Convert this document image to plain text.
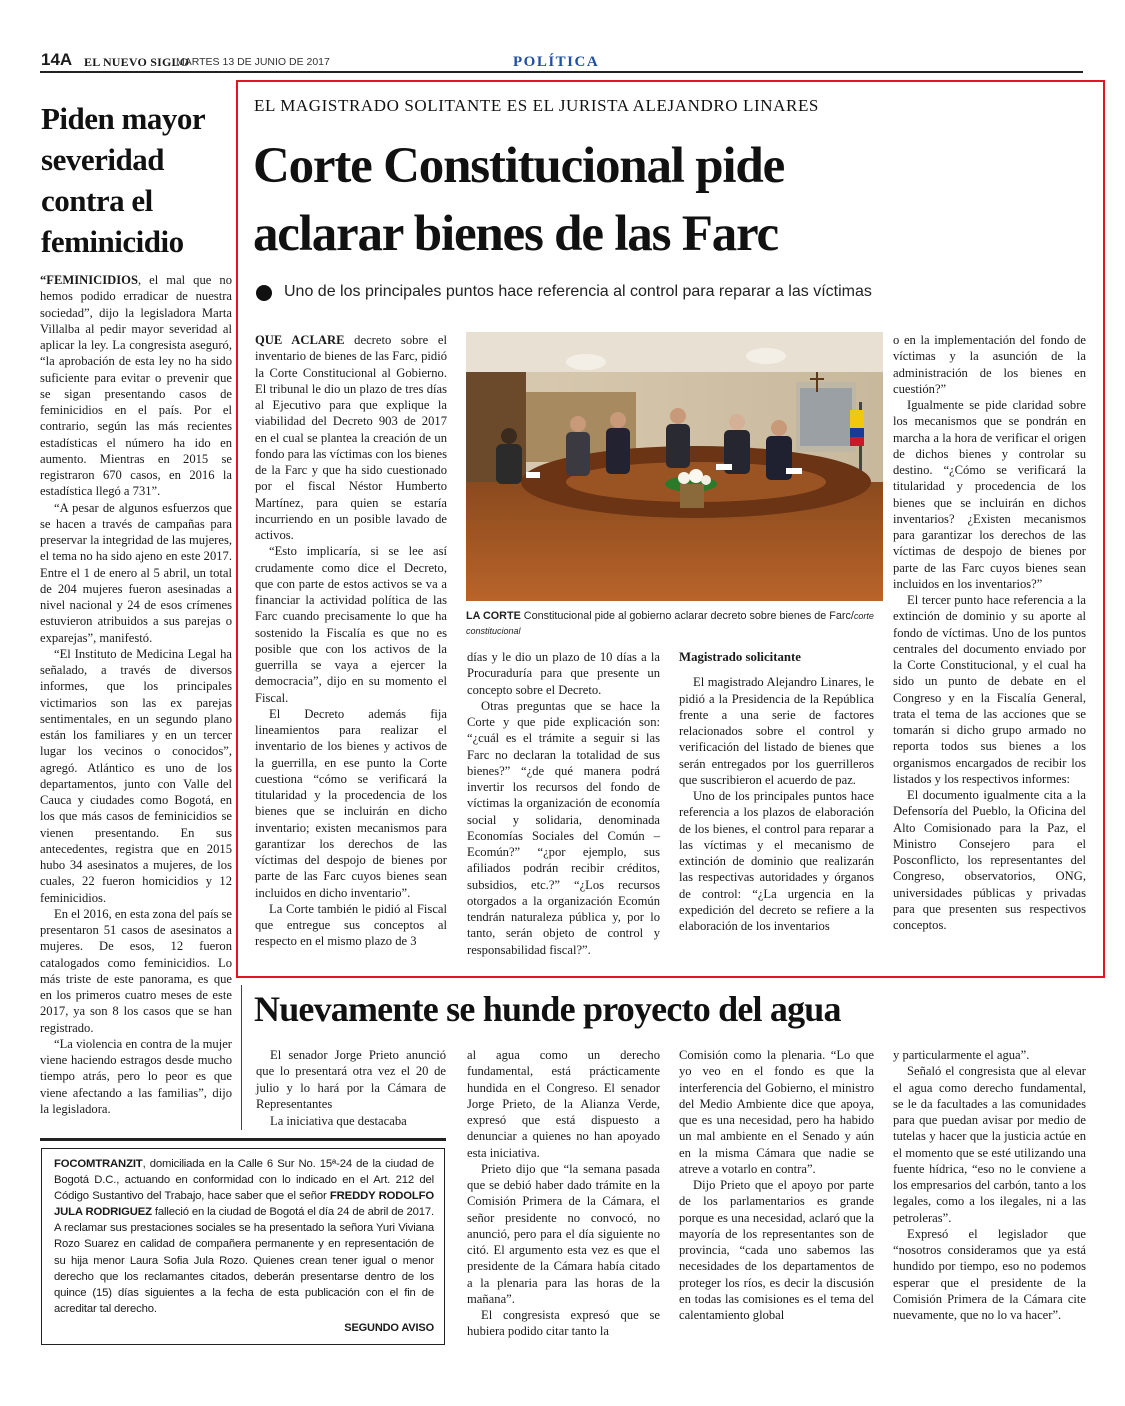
14A EL NUEVO SIGLO
MARTES 13 DE JUNIO DE 2017	POLÍTICA
Piden mayor
severidad
contra el
feminicidio

“FEMINICIDIOS, el mal que no hemos podido erradicar de nuestra sociedad”, dijo la legisladora Marta Villalba al pedir mayor severidad al aplicar la ley. La congresista aseguró, “la aprobación de esta ley no ha sido suficiente para evitar o prevenir que se sigan presentando casos de feminicidios en el país. Por el contrario, según las más recientes estadísticas el número ha ido en aumento. Mientras en 2015 se registraron 670 casos, en 2016 la estadística llegó a 731”.

“A pesar de algunos esfuerzos que se hacen a través de campañas para preservar la integridad de las mujeres, el tema no ha sido ajeno en este 2017. Entre el 1 de enero al 5 abril, un total de 204 mujeres fueron asesinadas a nivel nacional y 24 de esos crímenes estuvieron atribuidos a sus parejas o exparejas”, manifestó.

“El Instituto de Medicina Legal ha señalado, a través de diversos informes, que los principales victimarios son las ex parejas sentimentales, en un segundo plano están los familiares y en un tercer lugar los vecinos o conocidos”, agregó. Atlántico es uno de los departamentos, junto con Valle del Cauca y ciudades como Bogotá, en los que más casos de feminicidios se vienen presentando. En sus antecedentes, registra que en 2015 hubo 34 asesinatos a mujeres, de los cuales, 22 fueron homicidios y 12 feminicidios.

En el 2016, en esta zona del país se presentaron 51 casos de asesinatos a mujeres. De esos, 12 fueron catalogados como feminicidios. Lo más triste de este panorama, es que en los primeros cuatro meses de este 2017, ya son 8 los casos que se han registrado.

“La violencia en contra de la mujer viene haciendo estragos desde mucho tiempo atrás, pero lo peor es que viene afectando a las familias”, dijo la legisladora.

EL MAGISTRADO SOLITANTE ES EL JURISTA ALEJANDRO LINARES
Corte Constitucional pide
aclarar bienes de las Farc
Uno de los principales puntos hace referencia al control para reparar a las víctimas

QUE ACLARE decreto sobre el inventario de bienes de las Farc, pidió la Corte Constitucional al Gobierno. El tribunal le dio un plazo de tres días al Ejecutivo para que explique la viabilidad del Decreto 903 de 2017 en el cual se plantea la creación de un fondo para las víctimas con los bienes de la Farc y que ha sido cuestionado por el fiscal Néstor Humberto Martínez, para quien se estaría incurriendo en un posible lavado de activos.

“Esto implicaría, si se lee así crudamente como dice el Decreto, que con parte de estos activos se va a financiar la actividad política de las Farc cuando precisamente lo que ha sostenido la Fiscalía es que no es posible que con los activos de la guerrilla se vaya a ejercer la democracia”, dijo en su momento el Fiscal.

El Decreto además fija lineamientos para realizar el inventario de los bienes y activos de la guerrilla, en ese punto la Corte cuestiona “cómo se verificará la titularidad y la procedencia de los bienes que se incluirán en dicho inventario; existen mecanismos para garantizar los derechos de las víctimas del despojo de bienes por parte de las Farc cuyos bienes sean incluidos en dicho inventario”.

La Corte también le pidió al Fiscal que entregue sus conceptos al respecto en el mismo plazo de 3

LA CORTE Constitucional pide al gobierno aclarar decreto sobre bienes de Farc/corte constitucional

días y le dio un plazo de 10 días a la Procuraduría para que presente un concepto sobre el Decreto.

Otras preguntas que se hace la Corte y que pide explicación son: “¿cuál es el trámite a seguir si las Farc no declaran la totalidad de sus bienes?” “¿de qué manera podrá invertir los recursos del fondo de víctimas la organización de economía social y solidaria, denominada Economías Sociales del Común –Ecomún?” “¿por ejemplo, sus afiliados podrán recibir créditos, subsidios, etc.?” “¿Los recursos otorgados a la organización Ecomún tendrán naturaleza pública y, por lo tanto, serán objeto de control y responsabilidad fiscal?”.

Magistrado solicitante

El magistrado Alejandro Linares, le pidió a la Presidencia de la República frente a una serie de factores relacionados sobre el control y verificación del listado de bienes que serán entregados por los guerrilleros que suscribieron el acuerdo de paz.

Uno de los principales puntos hace referencia a los plazos de elaboración de los bienes, el control para reparar a las víctimas y el mecanismo de extinción de dominio que realizarán las respectivas autoridades y órganos de control: “¿La urgencia en la expedición del decreto se refiere a la elaboración de los inventarios

o en la implementación del fondo de víctimas y la asunción de la administración de los bienes en cuestión?”

Igualmente se pide claridad sobre los mecanismos que se pondrán en marcha a la hora de verificar el origen de dichos bienes y controlar su destino. “¿Cómo se verificará la titularidad y procedencia de los bienes que se incluirán en dichos inventarios? ¿Existen mecanismos para garantizar los derechos de las víctimas de despojo de bienes por parte de las Farc cuyos bienes sean incluidos en los inventarios?”

El tercer punto hace referencia a la extinción de dominio y su aporte al fondo de víctimas. Uno de los puntos centrales del documento enviado por la Corte Constitucional, y el cual ha sido un punto de debate en el Congreso y en la Fiscalía General, trata el tema de las acciones que se tomarán si dicho grupo armado no reporta todos sus bienes a los organismos encargados de recibir los listados y los respectivos informes:

El documento igualmente cita a la Defensoría del Pueblo, la Oficina del Alto Comisionado para la Paz, el Ministro Consejero para el Posconflicto, los representantes del Congreso, observatorios, ONG, universidades públicas y privadas para que presenten sus respectivos conceptos.

Nuevamente se hunde proyecto del agua

El senador Jorge Prieto anunció que lo presentará otra vez el 20 de julio y lo hará por la Cámara de Representantes

La iniciativa que destacaba

al agua como un derecho fundamental, está prácticamente hundida en el Congreso. El senador Jorge Prieto, de la Alianza Verde, expresó que está dispuesto a denunciar a quienes no han apoyado esta iniciativa.

Prieto dijo que “la semana pasada que se debió haber dado trámite en la Comisión Primera de la Cámara, el señor presidente no convocó, no anunció, pero para el día siguiente no citó. El argumento esta vez es que el presidente de la Cámara había citado a la plenaria para las horas de la mañana”.

El congresista expresó que se hubiera podido citar tanto la

Comisión como la plenaria. “Lo que yo veo en el fondo es que la interferencia del Gobierno, el ministro del Medio Ambiente dice que apoya, que es una necesidad, pero ha habido un mal ambiente en el Senado y aún en la misma Cámara que nadie se atreve a votarlo en contra”.

Dijo Prieto que el apoyo por parte de los parlamentarios es grande porque es una necesidad, aclaró que la mayoría de los representantes son de provincia, “cada uno sabemos las necesidades de los departamentos de proteger los ríos, es decir la discusión en todas las comisiones es el tema del calentamiento global

y particularmente el agua”.

Señaló el congresista que al elevar el agua como derecho fundamental, se le da facultades a las comunidades para que puedan avisar por medio de tutelas y hacer que la justicia actúe en el momento que se esté utilizando una fuente hídrica, “eso no le conviene a los empresarios del carbón, tanto a los legales, como a los ilegales, ni a las petroleras”.

Expresó el legislador que “nosotros consideramos que ya está hundido por tiempo, eso no podemos esperar que el presidente de la Comisión Primera de la Cámara cite nuevamente, que no lo va hacer”.

FOCOMTRANZIT, domiciliada en la Calle 6 Sur No. 15ª-24 de la ciudad de Bogotá D.C., actuando en conformidad con lo indicado en el Art. 212 del Código Sustantivo del Trabajo, hace saber que el señor FREDDY RODOLFO JULA RODRIGUEZ falleció en la ciudad de Bogotá el día 24 de abril de 2017. A reclamar sus prestaciones sociales se ha presentado la señora Yuri Viviana Rozo Suarez en calidad de compañera permanente y en representación de su hija menor Laura Sofia Jula Rozo. Quienes crean tener igual o menor derecho que los reclamantes citados, deberán presentarse dentro de los quince (15) días siguientes a la fecha de esta publicación con el fin de acreditar tal derecho.

SEGUNDO AVISO
